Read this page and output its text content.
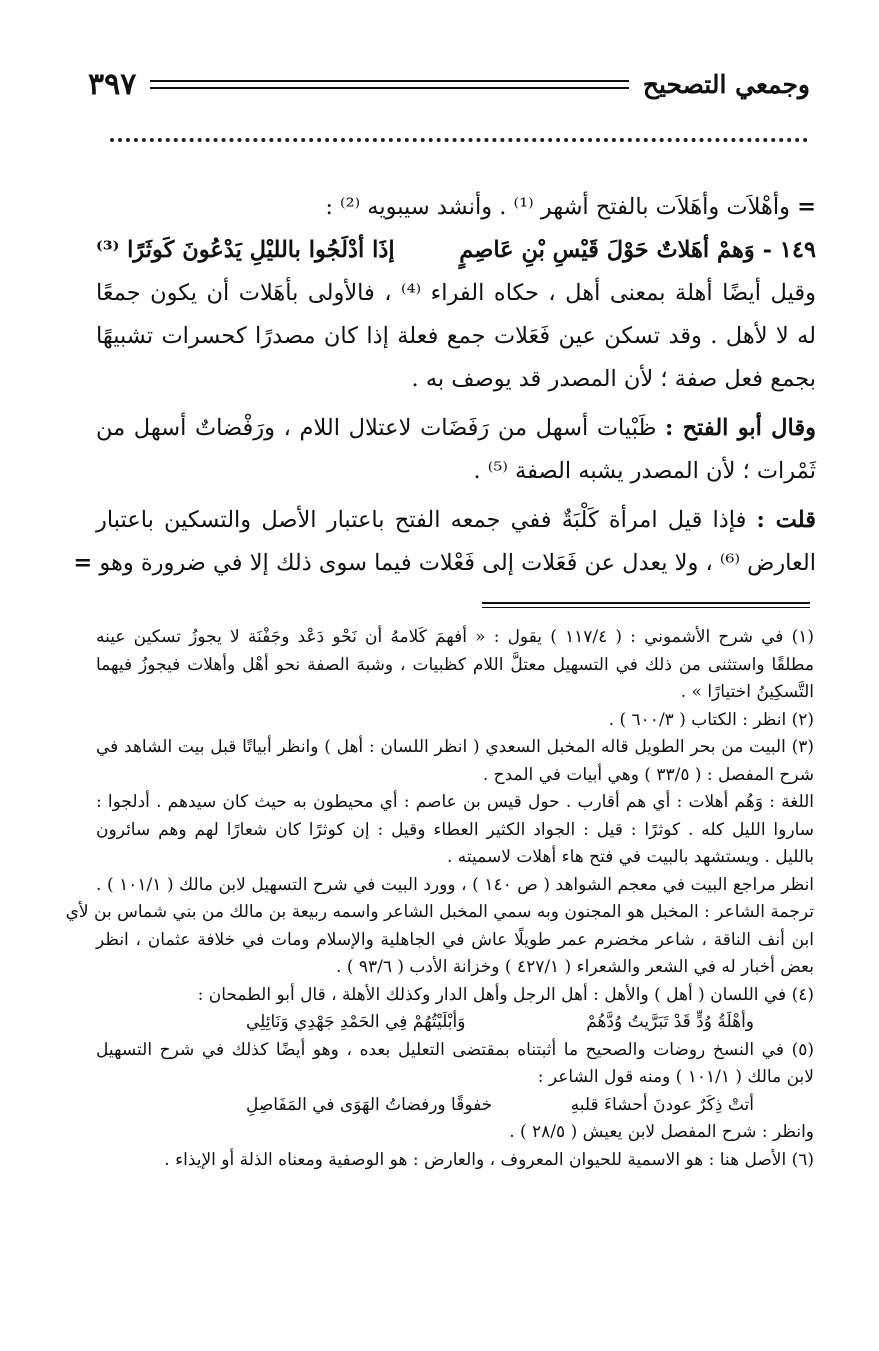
وجمعي التصحيح
٣٩٧
= وأهْلاَت وأهَلاَت بالفتح أشهر ⁽¹⁾ . وأنشد سيبويه ⁽²⁾ :
١٤٩ - وَهمْ أهَلاتٌ حَوْلَ قَيْسِ بْنِ عَاصِمٍ
إذَا أدْلَجُوا بالليْلِ يَدْعُونَ كَوثَرًا ⁽³⁾
وقيل أيضًا أهلة بمعنى أهل ، حكاه الفراء ⁽⁴⁾ ، فالأولى بأهَلات أن يكون جمعًا
له لا لأهل . وقد تسكن عين فَعَلات جمع فعلة إذا كان مصدرًا كحسرات تشبيهًا
بجمع فعل صفة ؛ لأن المصدر قد يوصف به .
وقال أبو الفتح : ظَبْيات أسهل من رَفَضَات لاعتلال اللام ، ورَفْضاتٌ أسهل من
ثَمْرات ؛ لأن المصدر يشبه الصفة ⁽⁵⁾ .
قلت : فإذا قيل امرأة كَلْبَةٌ ففي جمعه الفتح باعتبار الأصل والتسكين باعتبار
العارض ⁽⁶⁾ ، ولا يعدل عن فَعَلات إلى فَعْلات فيما سوى ذلك إلا في ضرورة وهو =
(١) في شرح الأشموني : ( ١١٧/٤ ) يقول : « أفهمَ كَلامهُ أن نَحْو دَعْد وجَفْنَة لا يجوزُ تسكين عينه
مطلقًا واستثنى من ذلك في التسهيل معتلَّ اللام كظبيات ، وشبهَ الصفة نحو أهْل وأهلات فيجوزُ فيهما
التَّسكِينُ اختيارًا » .
(٢) انظر : الكتاب ( ٦٠٠/٣ ) .
(٣) البيت من بحر الطويل قاله المخبل السعدي ( انظر اللسان : أهل ) وانظر أبياتًا قبل بيت الشاهد في
شرح المفصل : ( ٣٣/٥ ) وهي أبيات في المدح .
اللغة : وَهُم أهلات : أي هم أقارب . حول قيس بن عاصم : أي محيطون به حيث كان سيدهم . أدلجوا :
ساروا الليل كله . كوثرًا : قيل : الجواد الكثير العطاء وقيل : إن كوثرًا كان شعارًا لهم وهم سائرون
بالليل . ويستشهد بالبيت في فتح هاء أهلات لاسميته .
انظر مراجع البيت في معجم الشواهد ( ص ١٤٠ ) ، وورد البيت في شرح التسهيل لابن مالك ( ١٠١/١ ) .
ترجمة الشاعر : المخبل هو المجنون وبه سمي المخبل الشاعر واسمه ربيعة بن مالك من بني شماس بن لأي
ابن أنف الناقة ، شاعر مخضرم عمر طويلًا عاش في الجاهلية والإسلام ومات في خلافة عثمان ، انظر
بعض أخبار له في الشعر والشعراء ( ٤٢٧/١ ) وخزانة الأدب ( ٩٣/٦ ) .
(٤) في اللسان ( أهل ) والأهل : أهل الرجل وأهل الدار وكذلك الأهلة ، قال أبو الطمحان :
وأهْلَةُ وُدٍّ قَدْ تَبَرَّيتُ وُدَّهُمْ
وَأبْلَيْتُهُمْ فِي الحَمْدِ جَهْدِي وَنَائِلِي
(٥) في النسخ روضات والصحيح ما أثبتناه بمقتضى التعليل بعده ، وهو أيضًا كذلك في شرح التسهيل
لابن مالك ( ١٠١/١ ) ومنه قول الشاعر :
أتتْ ذِكَرٌ عودنَ أحشاءَ قلبهِ
خفوقًا ورفضاتُ الهَوَى في المَفَاصِلِ
وانظر : شرح المفصل لابن يعيش ( ٢٨/٥ ) .
(٦) الأصل هنا : هو الاسمية للحيوان المعروف ، والعارض : هو الوصفية ومعناه الذلة أو الإيذاء .
